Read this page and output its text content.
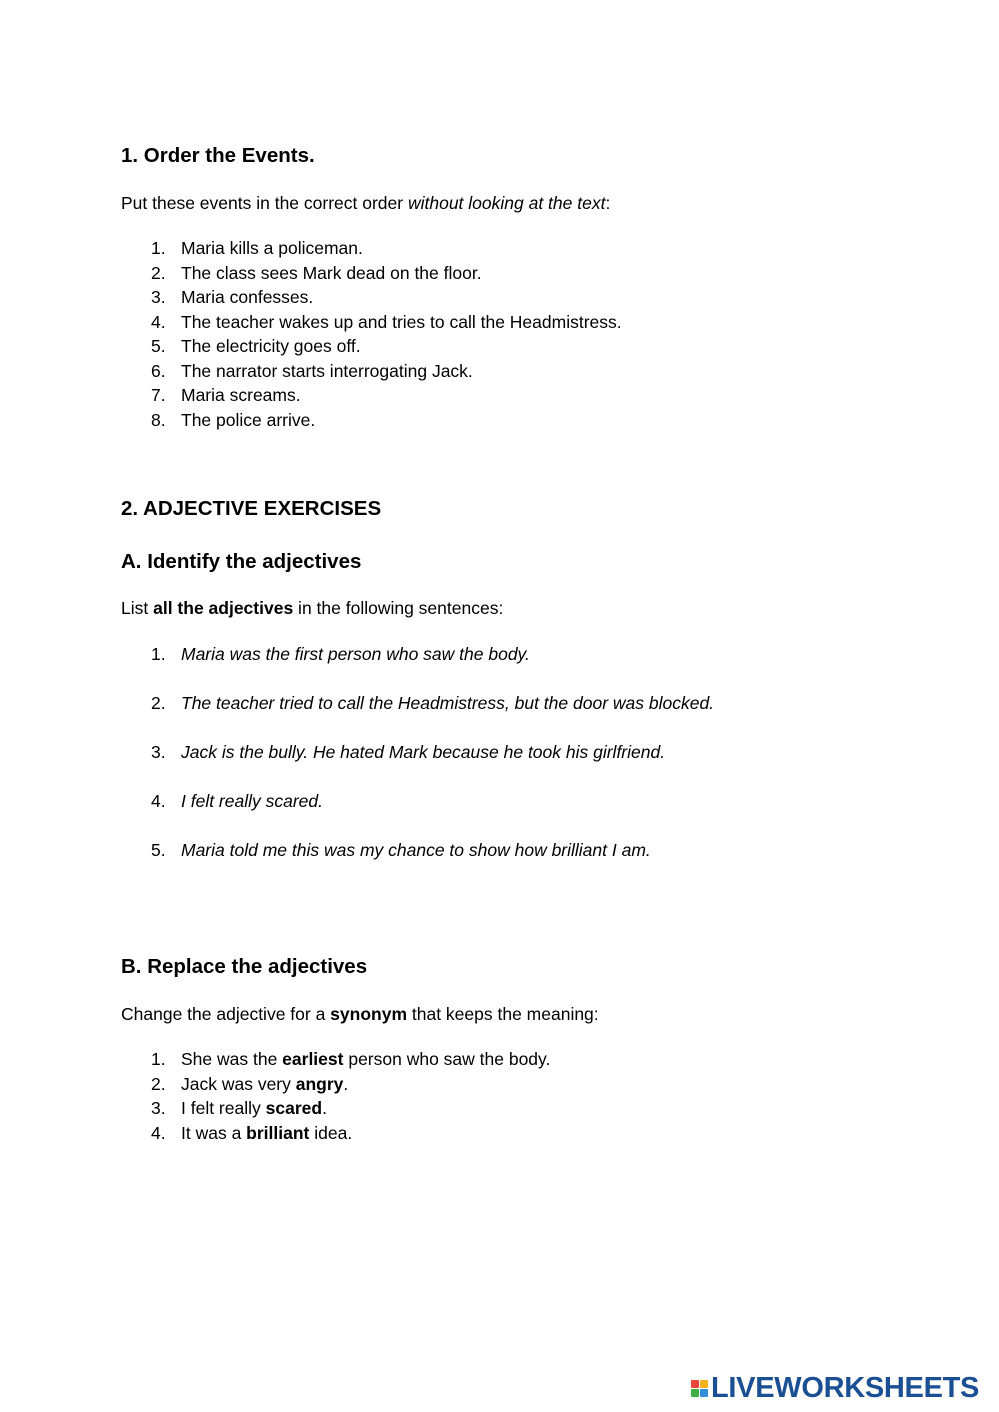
1. Order the Events.

Put these events in the correct order without looking at the text:

1. Maria kills a policeman.
2. The class sees Mark dead on the floor.
3. Maria confesses.
4. The teacher wakes up and tries to call the Headmistress.
5. The electricity goes off.
6. The narrator starts interrogating Jack.
7. Maria screams.
8. The police arrive.
2. ADJECTIVE EXERCISES
A. Identify the adjectives

List all the adjectives in the following sentences:

1. Maria was the first person who saw the body.
2. The teacher tried to call the Headmistress, but the door was blocked.
3. Jack is the bully. He hated Mark because he took his girlfriend.
4. I felt really scared.
5. Maria told me this was my chance to show how brilliant I am.
B. Replace the adjectives

Change the adjective for a synonym that keeps the meaning:

1. She was the earliest person who saw the body.
2. Jack was very angry.
3. I felt really scared.
4. It was a brilliant idea.
LIVEWORKSHEETS
